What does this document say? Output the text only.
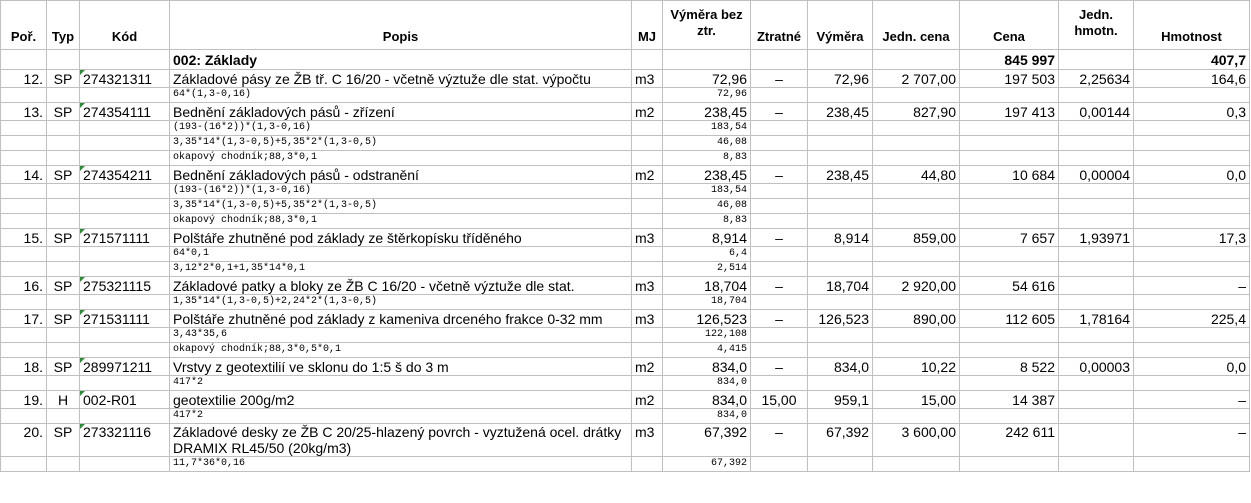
Poř.	Typ	Kód	Popis	MJ	Výměra bez ztr.	Ztratné	Výměra	Jedn. cena	Cena	Jedn. hmotn.	Hmotnost
			002: Základy						845 997		407,7
12.	SP	274321311	Základové pásy ze ŽB tř. C 16/20 - včetně výztuže dle stat. výpočtu	m3	72,96	–	72,96	2 707,00	197 503	2,25634	164,6
			64*(1,3-0,16)		72,96						
13.	SP	274354111	Bednění základových pásů - zřízení	m2	238,45	–	238,45	827,90	197 413	0,00144	0,3
			(193-(16*2))*(1,3-0,16)		183,54						
			3,35*14*(1,3-0,5)+5,35*2*(1,3-0,5)		46,08						
			okapový chodník;88,3*0,1		8,83						
14.	SP	274354211	Bednění základových pásů - odstranění	m2	238,45	–	238,45	44,80	10 684	0,00004	0,0
			(193-(16*2))*(1,3-0,16)		183,54						
			3,35*14*(1,3-0,5)+5,35*2*(1,3-0,5)		46,08						
			okapový chodník;88,3*0,1		8,83						
15.	SP	271571111	Polštáře zhutněné pod základy ze štěrkopísku tříděného	m3	8,914	–	8,914	859,00	7 657	1,93971	17,3
			64*0,1		6,4						
			3,12*2*0,1+1,35*14*0,1		2,514						
16.	SP	275321115	Základové patky a bloky ze ŽB C 16/20 - včetně výztuže dle stat.	m3	18,704	–	18,704	2 920,00	54 616		–
			1,35*14*(1,3-0,5)+2,24*2*(1,3-0,5)		18,704						
17.	SP	271531111	Polštáře zhutněné pod základy z kameniva drceného frakce 0-32 mm	m3	126,523	–	126,523	890,00	112 605	1,78164	225,4
			3,43*35,6		122,108						
			okapový chodník;88,3*0,5*0,1		4,415						
18.	SP	289971211	Vrstvy z geotextilií ve sklonu do 1:5 š do 3 m	m2	834,0	–	834,0	10,22	8 522	0,00003	0,0
			417*2		834,0						
19.	H	002-R01	geotextilie 200g/m2	m2	834,0	15,00	959,1	15,00	14 387		–
			417*2		834,0						
20.	SP	273321116	Základové desky ze ŽB C 20/25-hlazený povrch - vyztužená ocel. drátky
DRAMIX RL45/50 (20kg/m3)	m3	67,392	–	67,392	3 600,00	242 611		–
			11,7*36*0,16		67,392						
